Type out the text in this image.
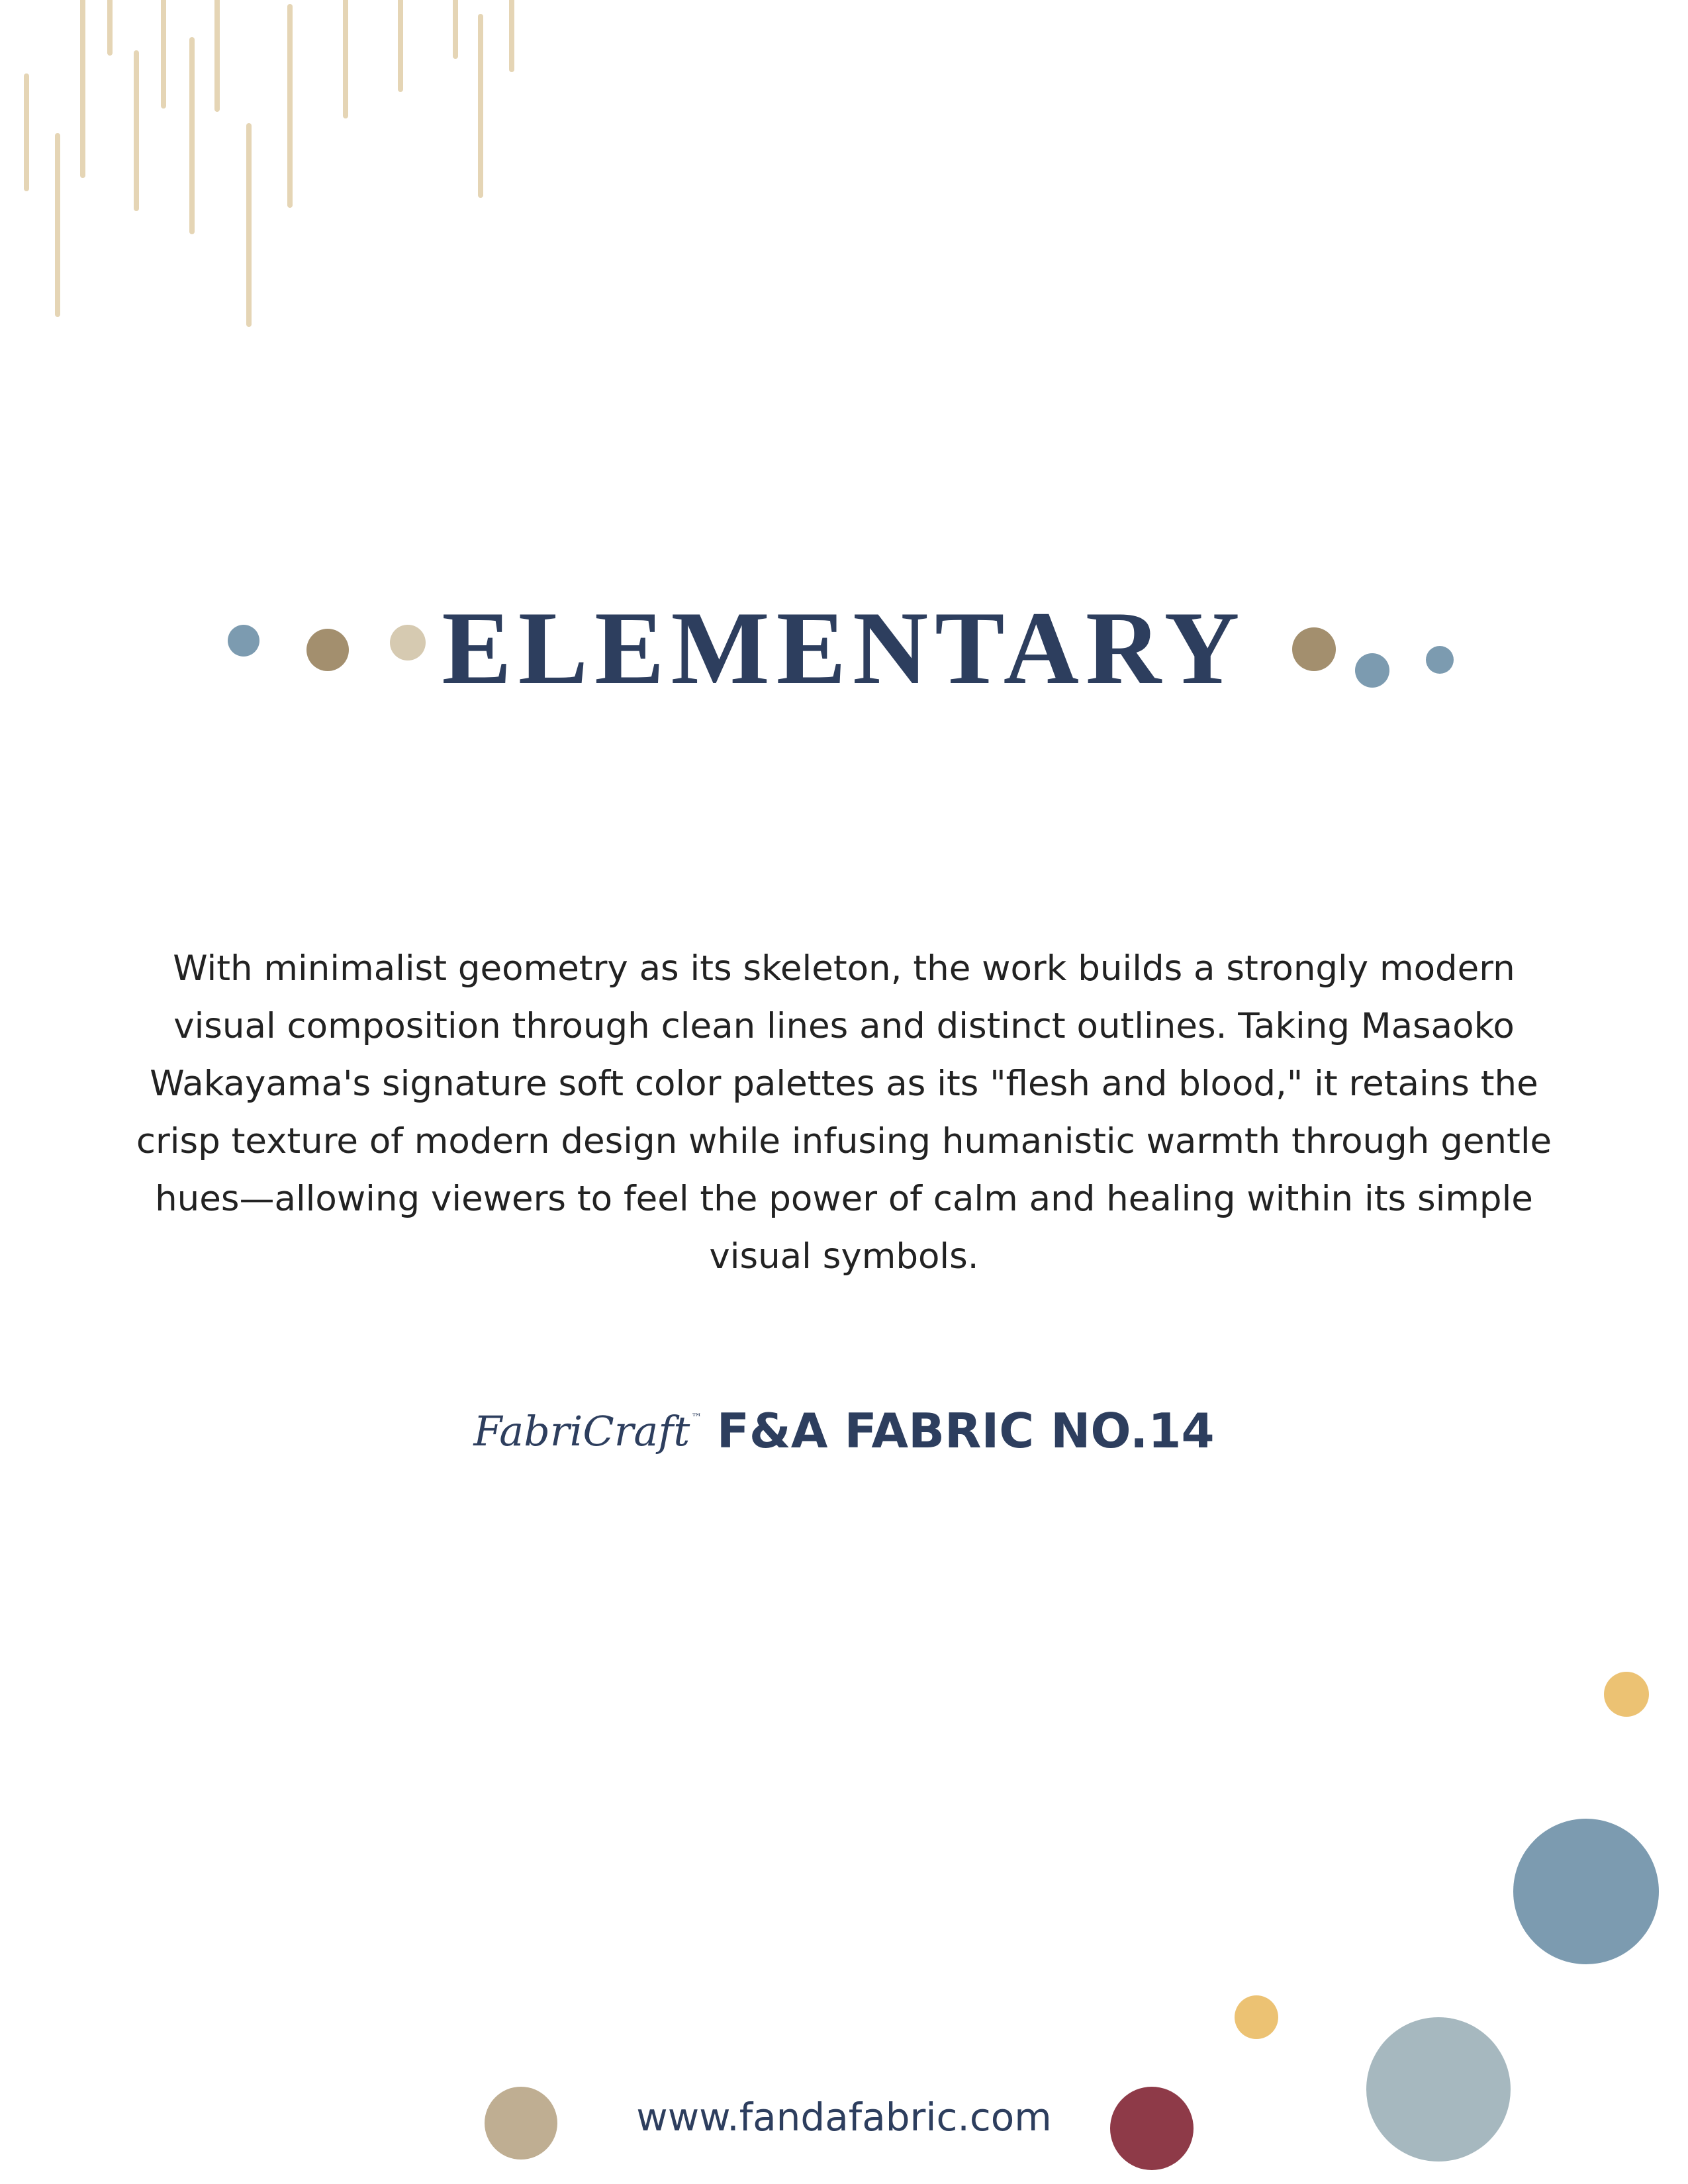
ELEMENTARY

With minimalist geometry as its skeleton, the work builds a strongly modern visual composition through clean lines and distinct outlines. Taking Masaoko Wakayama's signature soft color palettes as its "flesh and blood," it retains the crisp texture of modern design while infusing humanistic warmth through gentle hues—allowing viewers to feel the power of calm and healing within its simple visual symbols.

FabriCraft ™ F&A FABRIC NO.14
www.fandafabric.com
